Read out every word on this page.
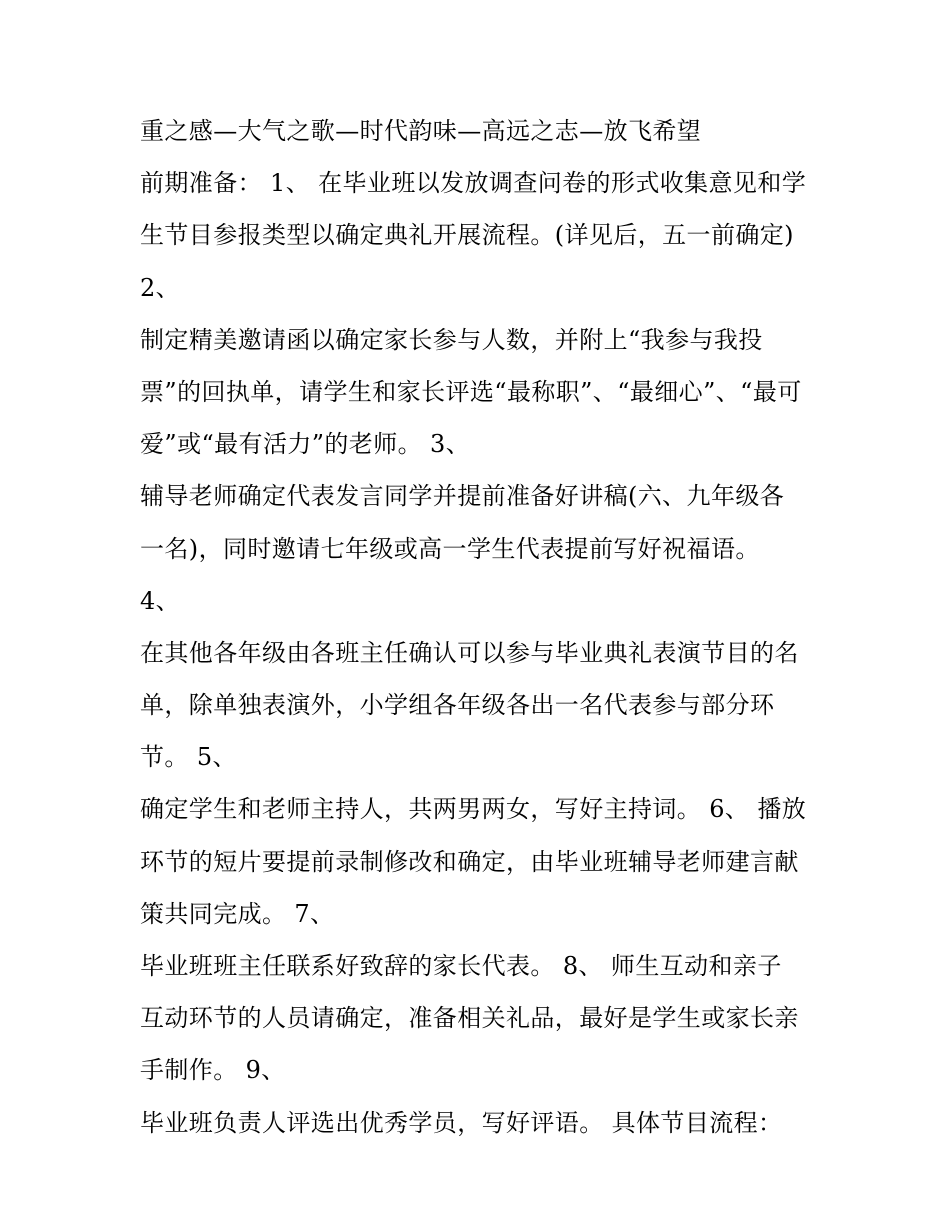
重之感—大气之歌—时代韵味—高远之志—放飞希望
前期准备： 1、 在毕业班以发放调查问卷的形式收集意见和学
生节目参报类型以确定典礼开展流程。(详见后，五一前确定)
2、
制定精美邀请函以确定家长参与人数，并附上“我参与我投
票”的回执单，请学生和家长评选“最称职”、“最细心”、“最可
爱”或“最有活力”的老师。 3、
辅导老师确定代表发言同学并提前准备好讲稿(六、九年级各
一名)，同时邀请七年级或高一学生代表提前写好祝福语。
4、
在其他各年级由各班主任确认可以参与毕业典礼表演节目的名
单，除单独表演外，小学组各年级各出一名代表参与部分环
节。 5、
确定学生和老师主持人，共两男两女，写好主持词。 6、 播放
环节的短片要提前录制修改和确定，由毕业班辅导老师建言献
策共同完成。 7、
毕业班班主任联系好致辞的家长代表。 8、 师生互动和亲子
互动环节的人员请确定，准备相关礼品，最好是学生或家长亲
手制作。 9、
毕业班负责人评选出优秀学员，写好评语。 具体节目流程：
